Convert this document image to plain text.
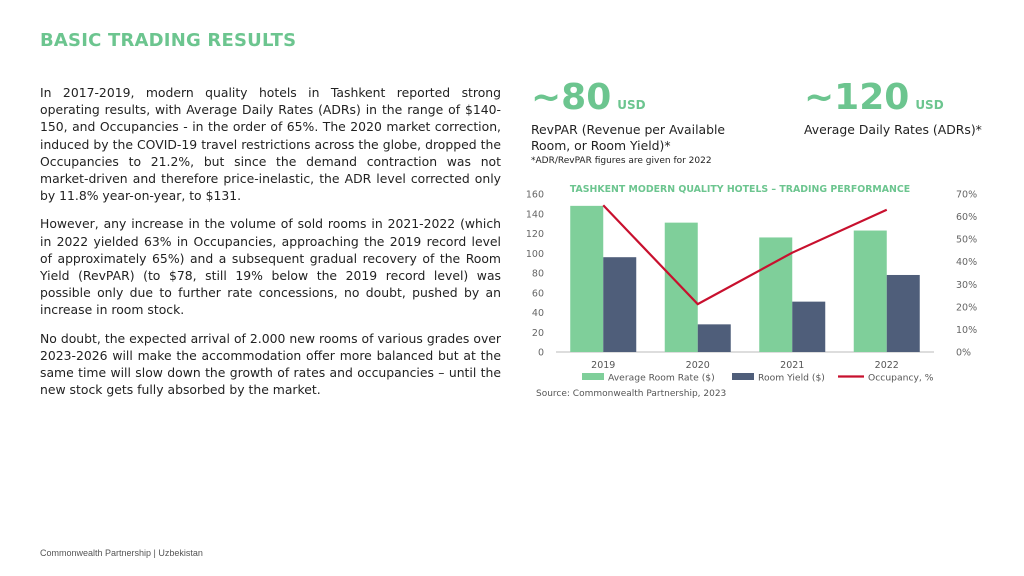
BASIC TRADING RESULTS

In 2017-2019, modern quality hotels in Tashkent reported strong operating results, with Average Daily Rates (ADRs) in the range of $140-150, and Occupancies - in the order of 65%. The 2020 market correction, induced by the COVID-19 travel restrictions across the globe, dropped the Occupancies to 21.2%, but since the demand contraction was not market-driven and therefore price-inelastic, the ADR level corrected only by 11.8% year-on-year, to $131.

However, any increase in the volume of sold rooms in 2021-2022 (which in 2022 yielded 63% in Occupancies, approaching the 2019 record level of approximately 65%) and a subsequent gradual recovery of the Room Yield (RevPAR) (to $78, still 19% below the 2019 record level) was possible only due to further rate concessions, no doubt, pushed by an increase in room stock.

No doubt, the expected arrival of 2.000 new rooms of various grades over 2023-2026 will make the accommodation offer more balanced but at the same time will slow down the growth of rates and occupancies – until the new stock gets fully absorbed by the market.

~80 USD
RevPAR (Revenue per Available
Room, or Room Yield)*
~120 USD
Average Daily Rates (ADRs)*
*ADR/RevPAR figures are given for 2022
TASHKENT MODERN QUALITY HOTELS – TRADING PERFORMANCE
0
20
40
60
80
100
120
140
160
0%
10%
20%
30%
40%
50%
60%
70%
2019	2020	2021	2022
Average Room Rate ($)	Room Yield ($)	Occupancy, %
Source: Commonwealth Partnership, 2023
Commonwealth Partnership | Uzbekistan
